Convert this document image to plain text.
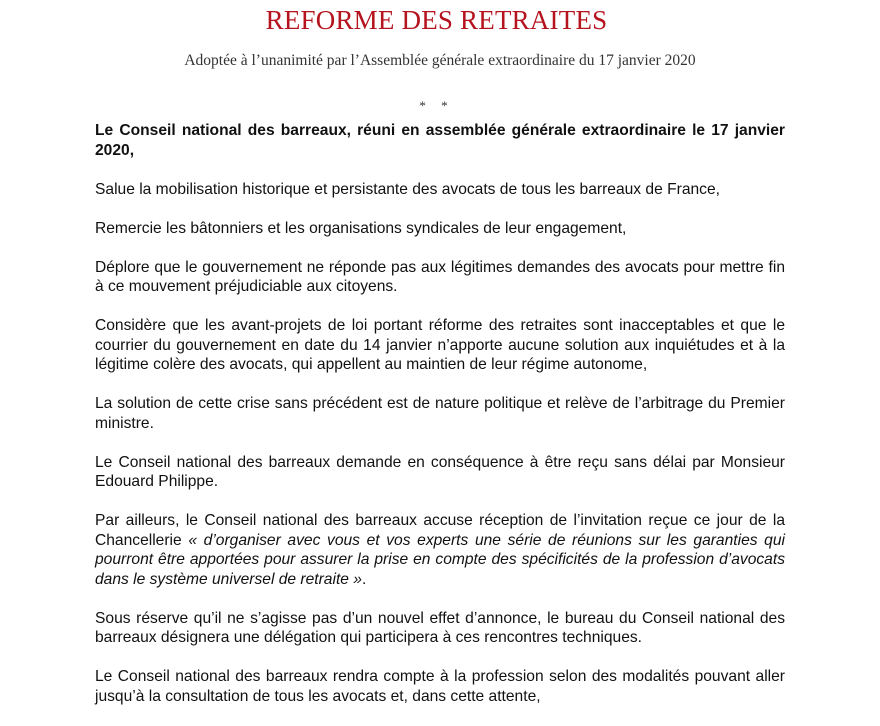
REFORME DES RETRAITES
Adoptée à l’unanimité par l’Assemblée générale extraordinaire du 17 janvier 2020
* *

Le Conseil national des barreaux, réuni en assemblée générale extraordinaire le 17 janvier 2020,

Salue la mobilisation historique et persistante des avocats de tous les barreaux de France,

Remercie les bâtonniers et les organisations syndicales de leur engagement,

Déplore que le gouvernement ne réponde pas aux légitimes demandes des avocats pour mettre fin à ce mouvement préjudiciable aux citoyens.

Considère que les avant-projets de loi portant réforme des retraites sont inacceptables et que le courrier du gouvernement en date du 14 janvier n’apporte aucune solution aux inquiétudes et à la légitime colère des avocats, qui appellent au maintien de leur régime autonome,

La solution de cette crise sans précédent est de nature politique et relève de l’arbitrage du Premier ministre.

Le Conseil national des barreaux demande en conséquence à être reçu sans délai par Monsieur Edouard Philippe.

Par ailleurs, le Conseil national des barreaux accuse réception de l’invitation reçue ce jour de la Chancellerie « d’organiser avec vous et vos experts une série de réunions sur les garanties qui pourront être apportées pour assurer la prise en compte des spécificités de la profession d’avocats dans le système universel de retraite ».

Sous réserve qu’il ne s’agisse pas d’un nouvel effet d’annonce, le bureau du Conseil national des barreaux désignera une délégation qui participera à ces rencontres techniques.

Le Conseil national des barreaux rendra compte à la profession selon des modalités pouvant aller jusqu’à la consultation de tous les avocats et, dans cette attente,
